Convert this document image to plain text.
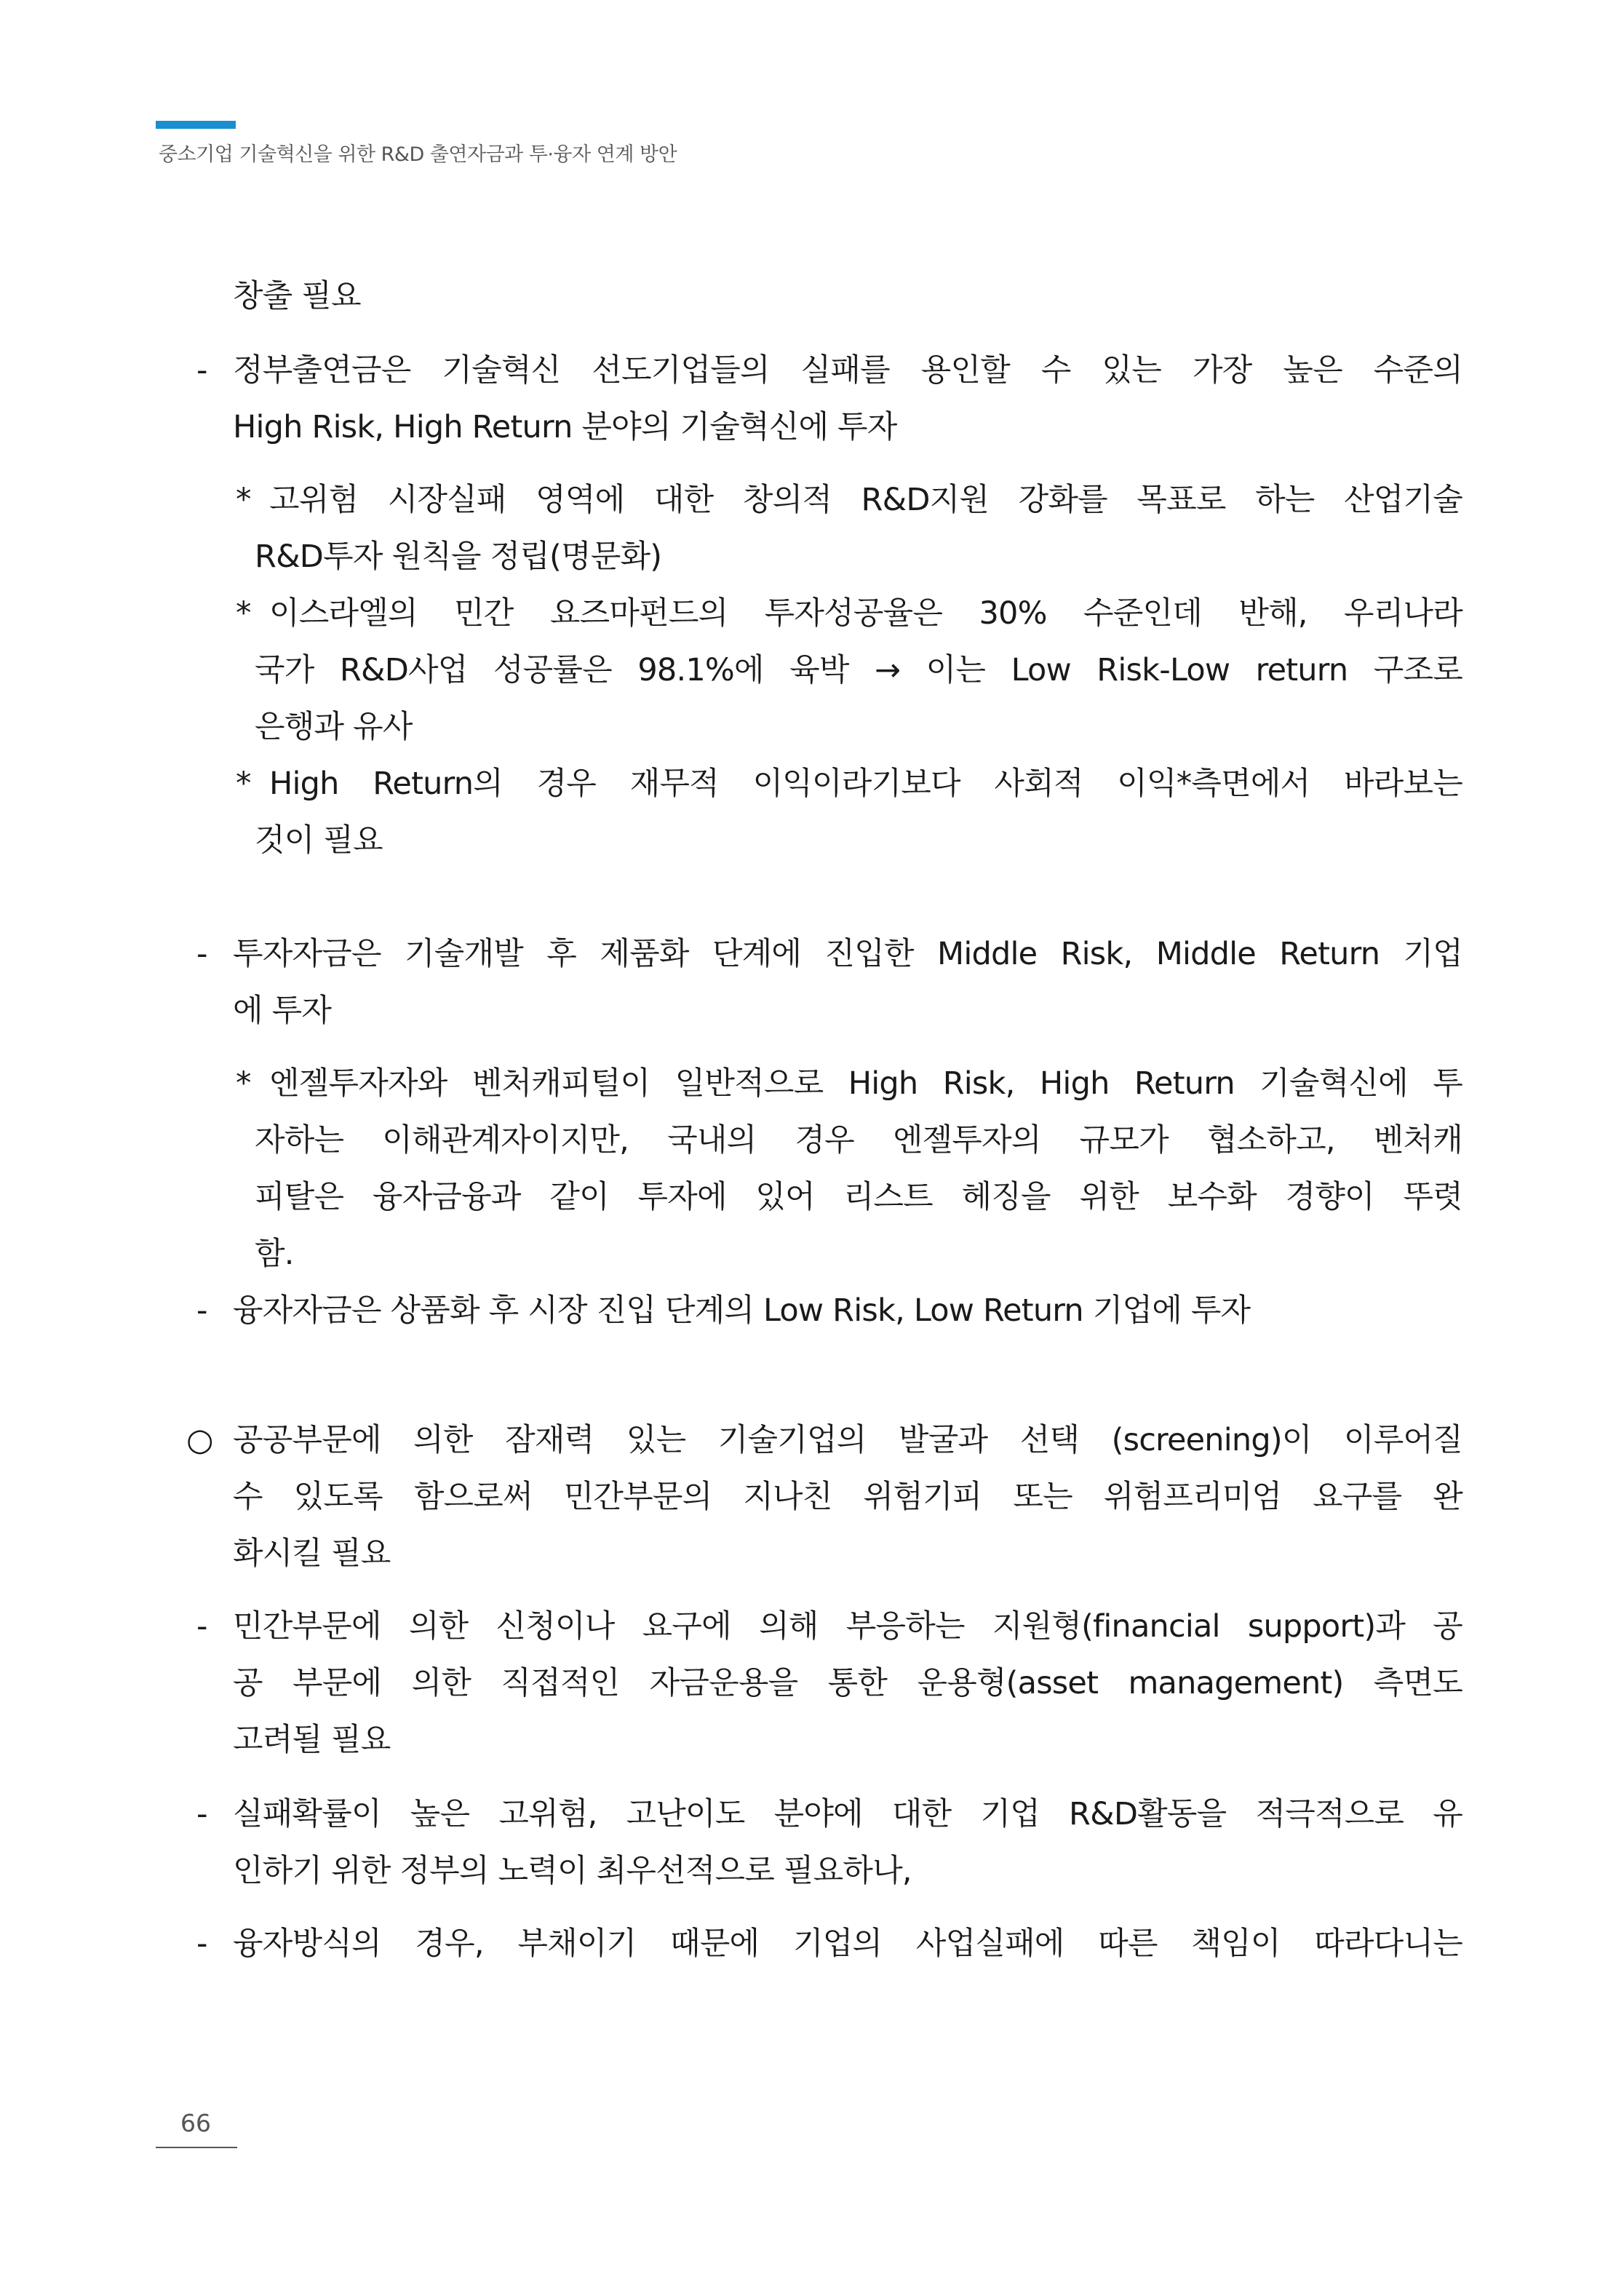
중소기업 기술혁신을 위한 R&D 출연자금과 투·융자 연계 방안
창출 필요
- 정부출연금은 기술혁신 선도기업들의 실패를 용인할 수 있는 가장 높은 수준의
High Risk, High Return 분야의 기술혁신에 투자
* 고위험 시장실패 영역에 대한 창의적 R&D지원 강화를 목표로 하는 산업기술
R&D투자 원칙을 정립(명문화)
* 이스라엘의 민간 요즈마펀드의 투자성공율은 30% 수준인데 반해, 우리나라
국가 R&D사업 성공률은 98.1%에 육박 → 이는 Low Risk-Low return 구조로
은행과 유사
* High Return의 경우 재무적 이익이라기보다 사회적 이익*측면에서 바라보는
것이 필요
- 투자자금은 기술개발 후 제품화 단계에 진입한 Middle Risk, Middle Return 기업
에 투자
* 엔젤투자자와 벤처캐피털이 일반적으로 High Risk, High Return 기술혁신에 투
자하는 이해관계자이지만, 국내의 경우 엔젤투자의 규모가 협소하고, 벤처캐
피탈은 융자금융과 같이 투자에 있어 리스트 헤징을 위한 보수화 경향이 뚜렷
함.
- 융자자금은 상품화 후 시장 진입 단계의 Low Risk, Low Return 기업에 투자
○ 공공부문에 의한 잠재력 있는 기술기업의 발굴과 선택 (screening)이 이루어질
수 있도록 함으로써 민간부문의 지나친 위험기피 또는 위험프리미엄 요구를 완
화시킬 필요
- 민간부문에 의한 신청이나 요구에 의해 부응하는 지원형(financial support)과 공
공 부문에 의한 직접적인 자금운용을 통한 운용형(asset management) 측면도
고려될 필요
- 실패확률이 높은 고위험, 고난이도 분야에 대한 기업 R&D활동을 적극적으로 유
인하기 위한 정부의 노력이 최우선적으로 필요하나,
- 융자방식의 경우, 부채이기 때문에 기업의 사업실패에 따른 책임이 따라다니는
66
